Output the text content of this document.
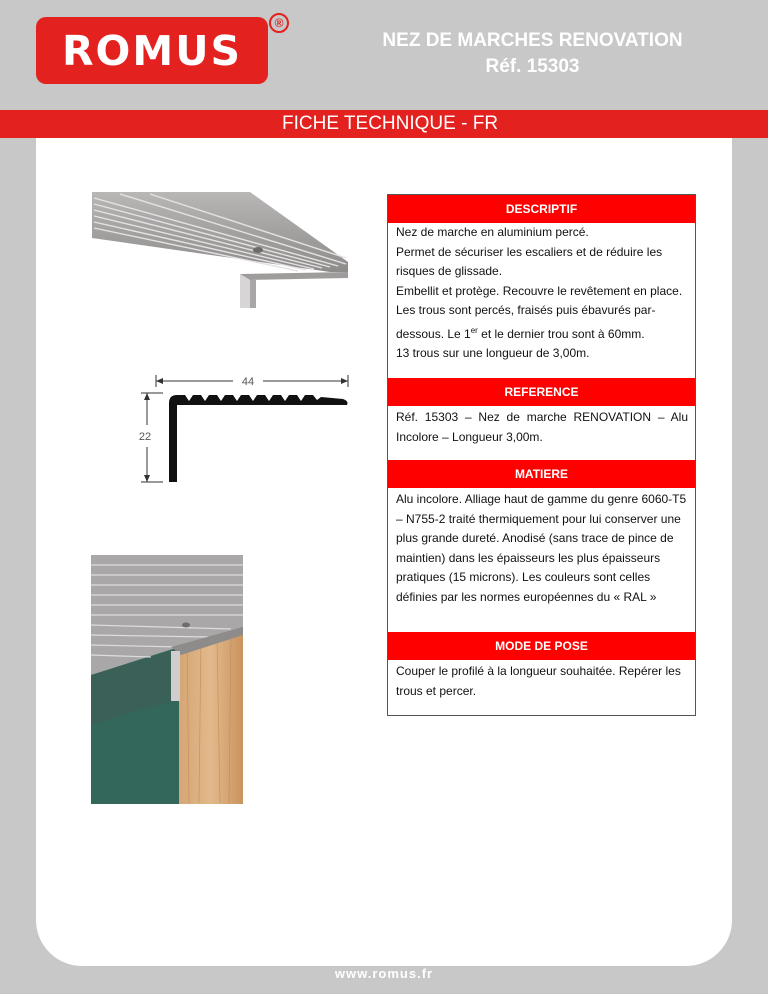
ROMUS
®
NEZ DE MARCHES RENOVATION
Réf. 15303
FICHE TECHNIQUE - FR
44
22
DESCRIPTIF

Nez de marche en aluminium percé.

Permet de sécuriser les escaliers et de réduire les risques de glissade.

Embellit et protège. Recouvre le revêtement en place.

Les trous sont percés, fraisés puis ébavurés par-dessous. Le 1er et le dernier trou sont à 60mm.

13 trous sur une longueur de 3,00m.

REFERENCE
Réf. 15303 – Nez de marche RENOVATION – Alu Incolore – Longueur 3,00m.
MATIERE
Alu incolore. Alliage haut de gamme du genre 6060-T5 – N755-2 traité thermiquement pour lui conserver une plus grande dureté. Anodisé (sans trace de pince de maintien) dans les épaisseurs les plus épaisseurs pratiques (15 microns). Les couleurs sont celles définies par les normes européennes du « RAL »
MODE DE POSE
Couper le profilé à la longueur souhaitée. Repérer les trous et percer.
www.romus.fr
